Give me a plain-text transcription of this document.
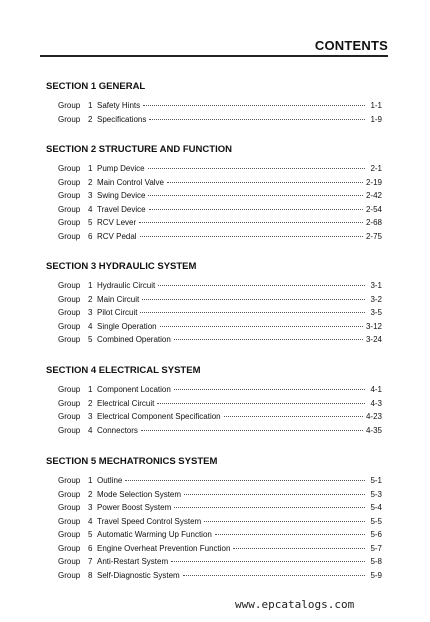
CONTENTS
SECTION 1 GENERAL
Group 1 Safety Hints	1-1
Group 2 Specifications	1-9
SECTION 2 STRUCTURE AND FUNCTION
Group 1 Pump Device	2-1
Group 2 Main Control Valve	2-19
Group 3 Swing Device	2-42
Group 4 Travel Device	2-54
Group 5 RCV Lever	2-68
Group 6 RCV Pedal	2-75
SECTION 3 HYDRAULIC SYSTEM
Group 1 Hydraulic Circuit	3-1
Group 2 Main Circuit	3-2
Group 3 Pilot Circuit	3-5
Group 4 Single Operation	3-12
Group 5 Combined Operation	3-24
SECTION 4 ELECTRICAL SYSTEM
Group 1 Component Location	4-1
Group 2 Electrical Circuit	4-3
Group 3 Electrical Component Specification	4-23
Group 4 Connectors	4-35
SECTION 5 MECHATRONICS SYSTEM
Group 1 Outline	5-1
Group 2 Mode Selection System	5-3
Group 3 Power Boost System	5-4
Group 4 Travel Speed Control System	5-5
Group 5 Automatic Warming Up Function	5-6
Group 6 Engine Overheat Prevention Function	5-7
Group 7 Anti-Restart System	5-8
Group 8 Self-Diagnostic System	5-9
www.epcatalogs.com
